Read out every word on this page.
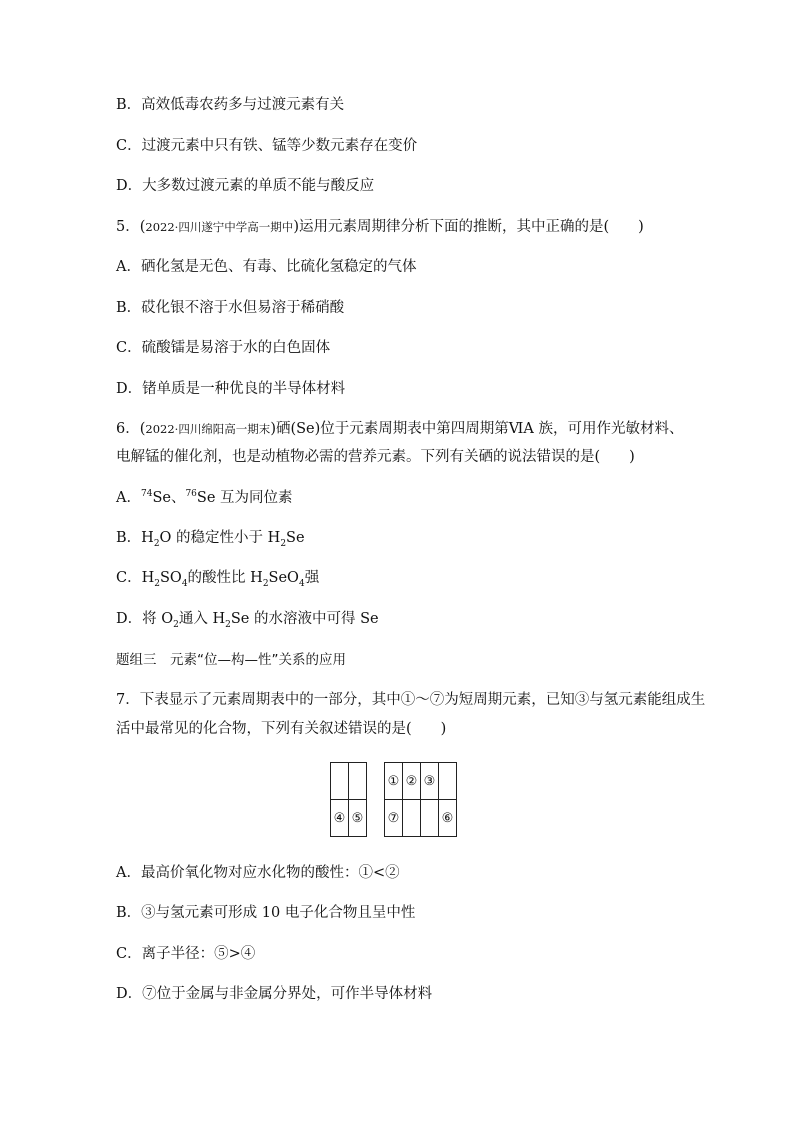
B．高效低毒农药多与过渡元素有关
C．过渡元素中只有铁、锰等少数元素存在变价
D．大多数过渡元素的单质不能与酸反应
5．(2022·四川遂宁中学高一期中)运用元素周期律分析下面的推断，其中正确的是(　　)
A．硒化氢是无色、有毒、比硫化氢稳定的气体
B．砹化银不溶于水但易溶于稀硝酸
C．硫酸镭是易溶于水的白色固体
D．锗单质是一种优良的半导体材料
6．(2022·四川绵阳高一期末)硒(Se)位于元素周期表中第四周期第ⅥA 族，可用作光敏材料、
电解锰的催化剂，也是动植物必需的营养元素。下列有关硒的说法错误的是(　　)
A．$^{74}$Se、$^{76}$Se 互为同位素
B．$H_2O$ 的稳定性小于 $H_2Se$
C．$H_2SO_4$的酸性比 $H_2SeO_4$强
D．将 $O_2$通入 $H_2Se$ 的水溶液中可得 Se
题组三　元素“位—构—性”关系的应用
7．下表显示了元素周期表中的一部分，其中①～⑦为短周期元素，已知③与氢元素能组成生
活中最常见的化合物，下列有关叙述错误的是(　　)
			①	②	③	
④	⑤		⑦			⑥
A．最高价氧化物对应水化物的酸性：①<②
B．③与氢元素可形成 10 电子化合物且呈中性
C．离子半径：⑤>④
D．⑦位于金属与非金属分界处，可作半导体材料
